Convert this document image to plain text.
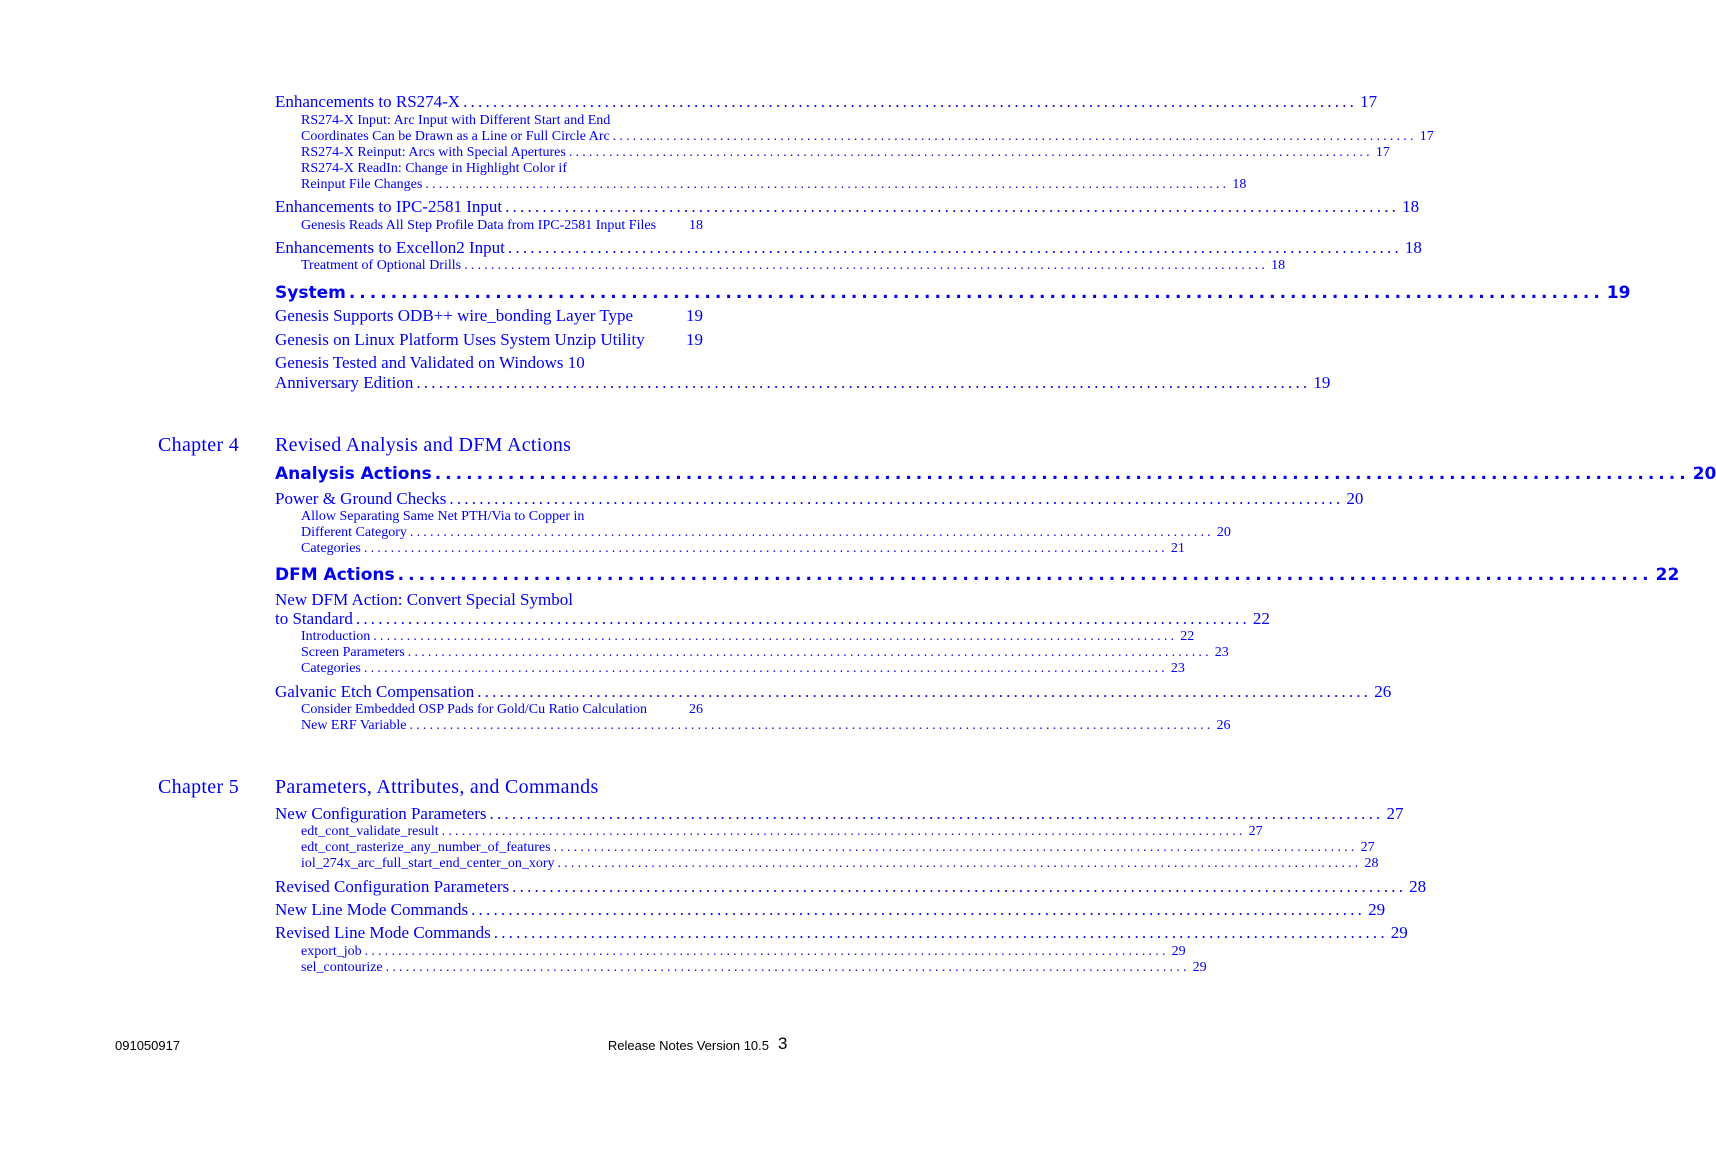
Chapter 4 Revised Analysis and DFM Actions
Chapter 5 Parameters, Attributes, and Commands
Enhancements to RS274-X ........................................................................................................................ 17
RS274-X Input: Arc Input with Different Start and End
Coordinates Can be Drawn as a Line or Full Circle Arc ........................................................................................................................ 17
RS274-X Reinput: Arcs with Special Apertures ........................................................................................................................ 17
RS274-X ReadIn: Change in Highlight Color if
Reinput File Changes ........................................................................................................................ 18
Enhancements to IPC-2581 Input ........................................................................................................................ 18
Genesis Reads All Step Profile Data from IPC-2581 Input Files 18
Enhancements to Excellon2 Input ........................................................................................................................ 18
Treatment of Optional Drills ........................................................................................................................ 18
System ........................................................................................................................ 19
Genesis Supports ODB++ wire_bonding Layer Type	19
Genesis on Linux Platform Uses System Unzip Utility 19
Genesis Tested and Validated on Windows 10
Anniversary Edition ........................................................................................................................ 19
Analysis Actions ........................................................................................................................ 20
Power & Ground Checks ........................................................................................................................ 20
Allow Separating Same Net PTH/Via to Copper in
Different Category ........................................................................................................................ 20
Categories ........................................................................................................................ 21
DFM Actions ........................................................................................................................ 22
New DFM Action: Convert Special Symbol
to Standard ........................................................................................................................ 22
Introduction ........................................................................................................................ 22
Screen Parameters ........................................................................................................................ 23
Categories ........................................................................................................................ 23
Galvanic Etch Compensation ........................................................................................................................ 26
Consider Embedded OSP Pads for Gold/Cu Ratio Calculation	26
New ERF Variable ........................................................................................................................ 26
New Configuration Parameters ........................................................................................................................ 27
edt_cont_validate_result ........................................................................................................................ 27
edt_cont_rasterize_any_number_of_features ........................................................................................................................ 27
iol_274x_arc_full_start_end_center_on_xory ........................................................................................................................ 28
Revised Configuration Parameters ........................................................................................................................ 28
New Line Mode Commands ........................................................................................................................ 29
Revised Line Mode Commands ........................................................................................................................ 29
export_job ........................................................................................................................ 29
sel_contourize ........................................................................................................................ 29
091050917	Release Notes Version 10.5 3
